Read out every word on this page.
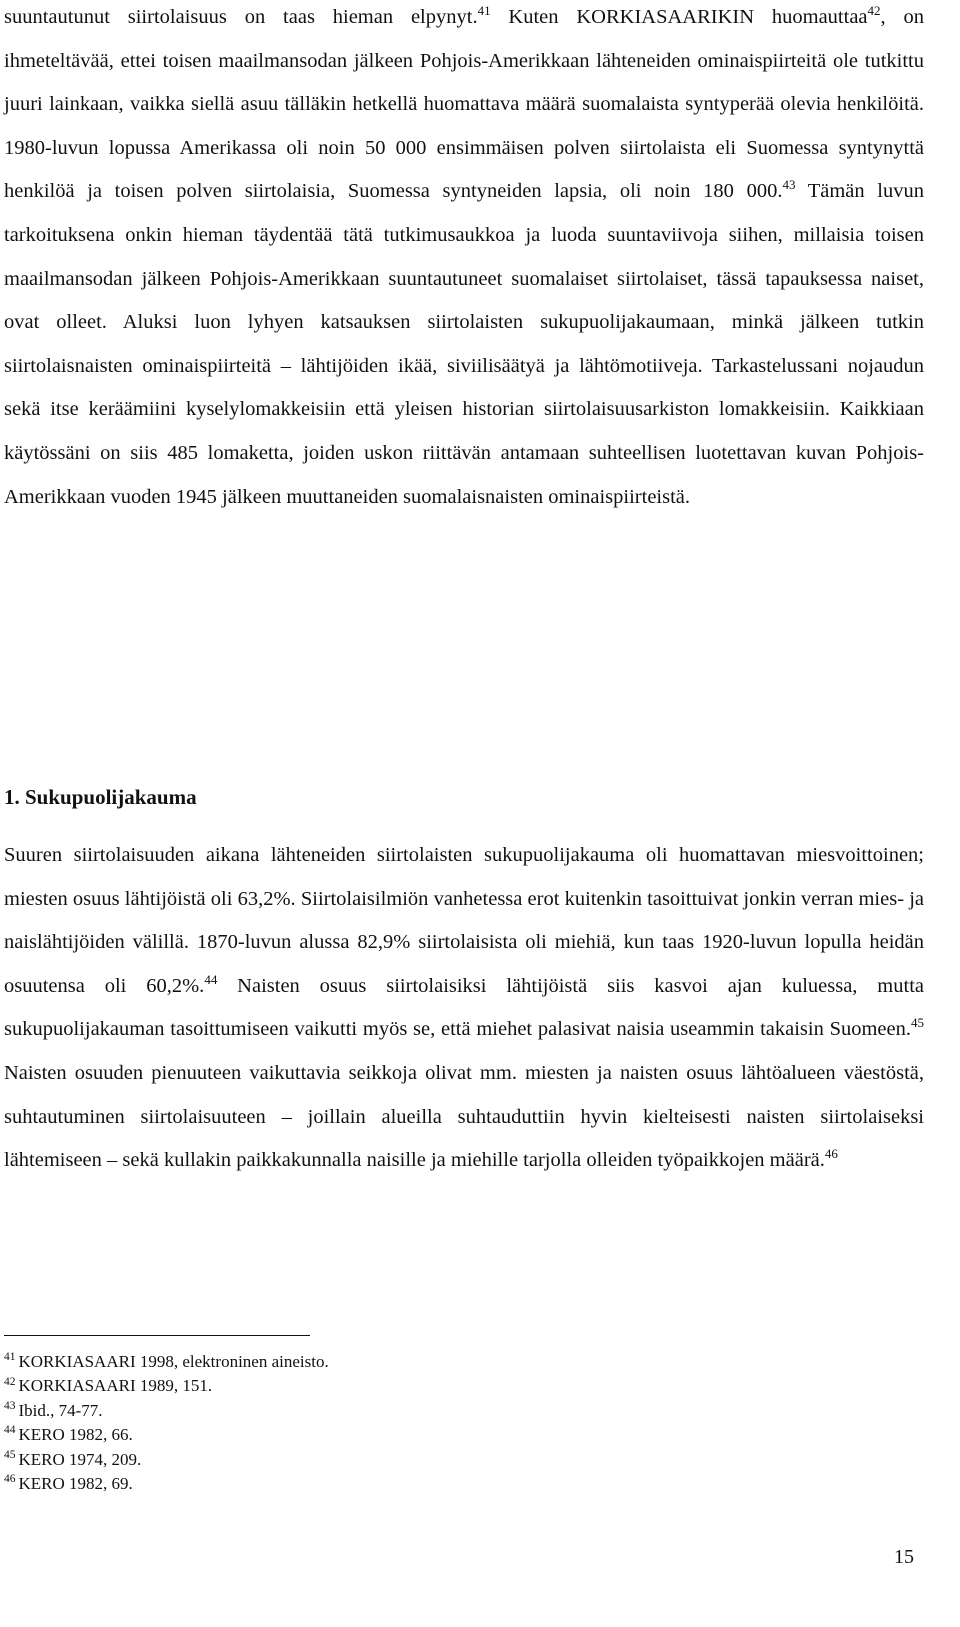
suuntautunut siirtolaisuus on taas hieman elpynyt.$^{41}$ Kuten KORKIASAARIKIN huomauttaa$^{42}$, on ihmeteltävää, ettei toisen maailmansodan jälkeen Pohjois-Amerikkaan lähteneiden ominaispiirteitä ole tutkittu juuri lainkaan, vaikka siellä asuu tälläkin hetkellä huomattava määrä suomalaista syntyperää olevia henkilöitä. 1980-luvun lopussa Amerikassa oli noin 50 000 ensimmäisen polven siirtolaista eli Suomessa syntynyttä henkilöä ja toisen polven siirtolaisia, Suomessa syntyneiden lapsia, oli noin 180 000.43 Tämän luvun tarkoituksena onkin hieman täydentää tätä tutkimusaukkoa ja luoda suuntaviivoja siihen, millaisia toisen maailmansodan jälkeen Pohjois-Amerikkaan suuntautuneet suomalaiset siirtolaiset, tässä tapauksessa naiset, ovat olleet. Aluksi luon lyhyen katsauksen siirtolaisten sukupuolijakaumaan, minkä jälkeen tutkin siirtolaisnaisten ominaispiirteitä – lähtijöiden ikää, siviilisäätyä ja lähtömotiiveja. Tarkastelussani nojaudun sekä itse keräämiini kyselylomakkeisiin että yleisen historian siirtolaisuusarkiston lomakkeisiin. Kaikkiaan käytössäni on siis 485 lomaketta, joiden uskon riittävän antamaan suhteellisen luotettavan kuvan Pohjois-Amerikkaan vuoden 1945 jälkeen muuttaneiden suomalaisnaisten ominaispiirteistä.

1. Sukupuolijakauma

Suuren siirtolaisuuden aikana lähteneiden siirtolaisten sukupuolijakauma oli huomattavan miesvoittoinen; miesten osuus lähtijöistä oli 63,2%. Siirtolaisilmiön vanhetessa erot kuitenkin tasoittuivat jonkin verran mies- ja naislähtijöiden välillä. 1870-luvun alussa 82,9% siirtolaisista oli miehiä, kun taas 1920-luvun lopulla heidän osuutensa oli 60,2%.$^{44}$ Naisten osuus siirtolaisiksi lähtijöistä siis kasvoi ajan kuluessa, mutta sukupuolijakauman tasoittumiseen vaikutti myös se, että miehet palasivat naisia useammin takaisin Suomeen.$^{45}$ Naisten osuuden pienuuteen vaikuttavia seikkoja olivat mm. miesten ja naisten osuus lähtöalueen väestöstä, suhtautuminen siirtolaisuuteen – joillain alueilla suhtauduttiin hyvin kielteisesti naisten siirtolaiseksi lähtemiseen – sekä kullakin paikkakunnalla naisille ja miehille tarjolla olleiden työpaikkojen määrä.$^{46}$

$^{41}$ KORKIASAARI 1998, elektroninen aineisto.
$^{42}$ KORKIASAARI 1989, 151.
$^{43}$ Ibid., 74-77.
$^{44}$ KERO 1982, 66.
$^{45}$ KERO 1974, 209.
$^{46}$ KERO 1982, 69.
15
